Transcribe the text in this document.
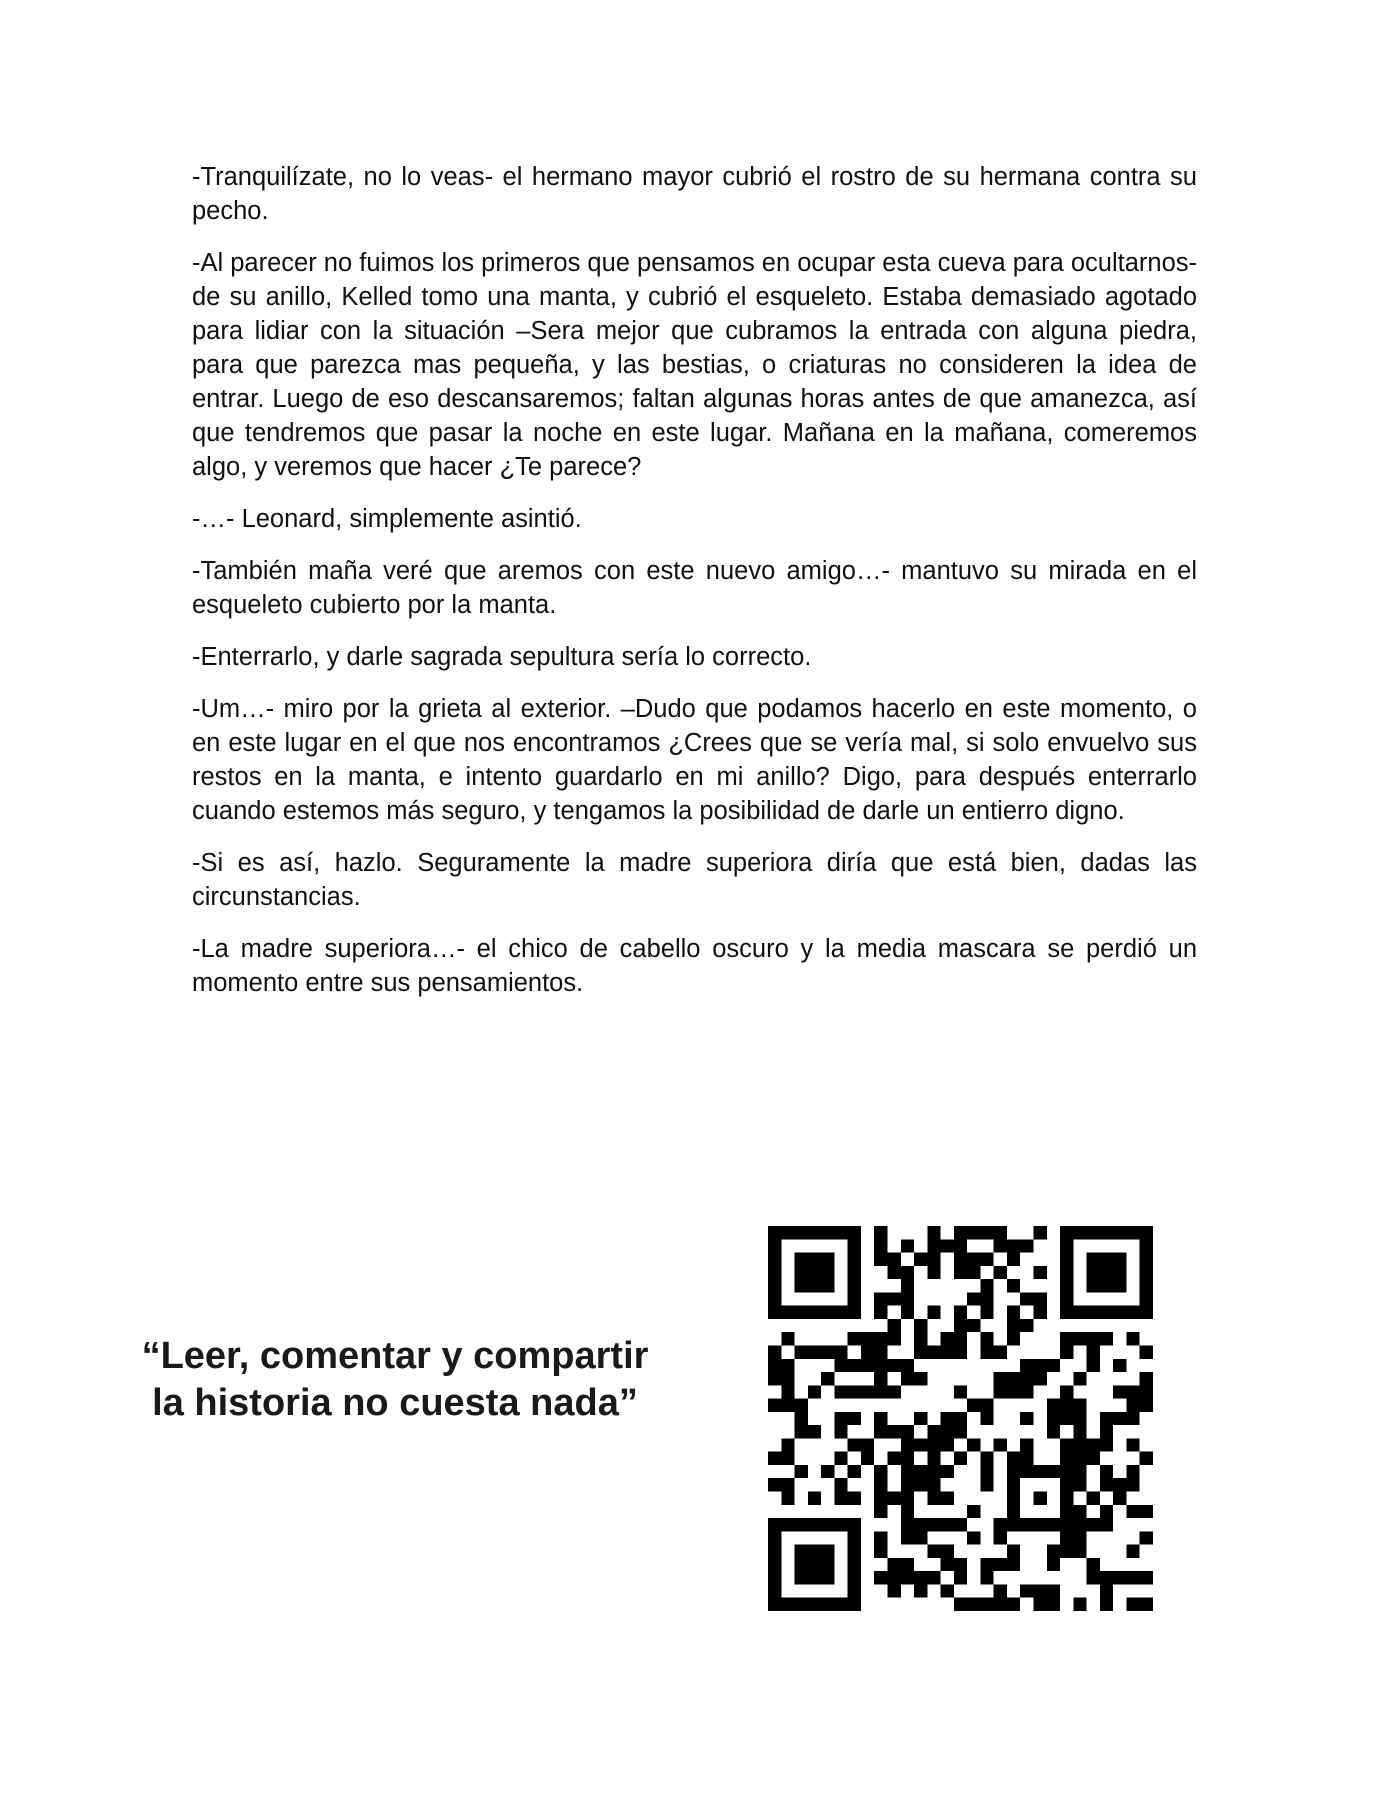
-Tranquilízate, no lo veas- el hermano mayor cubrió el rostro de su hermana contra su pecho.

-Al parecer no fuimos los primeros que pensamos en ocupar esta cueva para ocultarnos- de su anillo, Kelled tomo una manta, y cubrió el esqueleto. Estaba demasiado agotado para lidiar con la situación –Sera mejor que cubramos la entrada con alguna piedra, para que parezca mas pequeña, y las bestias, o criaturas no consideren la idea de entrar. Luego de eso descansaremos; faltan algunas horas antes de que amanezca, así que tendremos que pasar la noche en este lugar. Mañana en la mañana, comeremos algo, y veremos que hacer ¿Te parece?

-…- Leonard, simplemente asintió.

-También maña veré que aremos con este nuevo amigo…- mantuvo su mirada en el esqueleto cubierto por la manta.

-Enterrarlo, y darle sagrada sepultura sería lo correcto.

-Um…- miro por la grieta al exterior. –Dudo que podamos hacerlo en este momento, o en este lugar en el que nos encontramos ¿Crees que se vería mal, si solo envuelvo sus restos en la manta, e intento guardarlo en mi anillo? Digo, para después enterrarlo cuando estemos más seguro, y tengamos la posibilidad de darle un entierro digno.

-Si es así, hazlo. Seguramente la madre superiora diría que está bien, dadas las circunstancias.

-La madre superiora…- el chico de cabello oscuro y la media mascara se perdió un momento entre sus pensamientos.

“Leer, comentar y compartir
la historia no cuesta nada”
